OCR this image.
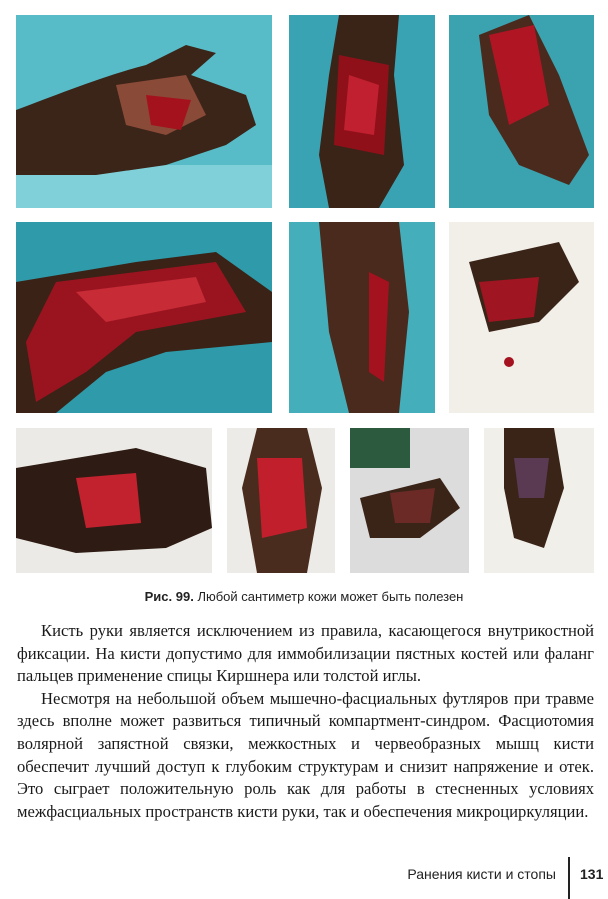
Рис. 99. Любой сантиметр кожи может быть полезен

Кисть руки является исключением из правила, касающегося внутрикостной фиксации. На кисти допустимо для иммобилизации пястных костей или фаланг пальцев применение спицы Киршнера или толстой иглы.

Несмотря на небольшой объем мышечно-фасциальных футляров при травме здесь вполне может развиться типичный компартмент-синдром. Фасциотомия волярной запястной связки, межкостных и червеобразных мышц кисти обеспечит лучший доступ к глубоким структурам и снизит напряжение и отек. Это сыграет положительную роль как для работы в стесненных условиях межфасциальных пространств кисти руки, так и обеспечения микроциркуляции.

Ранения кисти и стопы 131
